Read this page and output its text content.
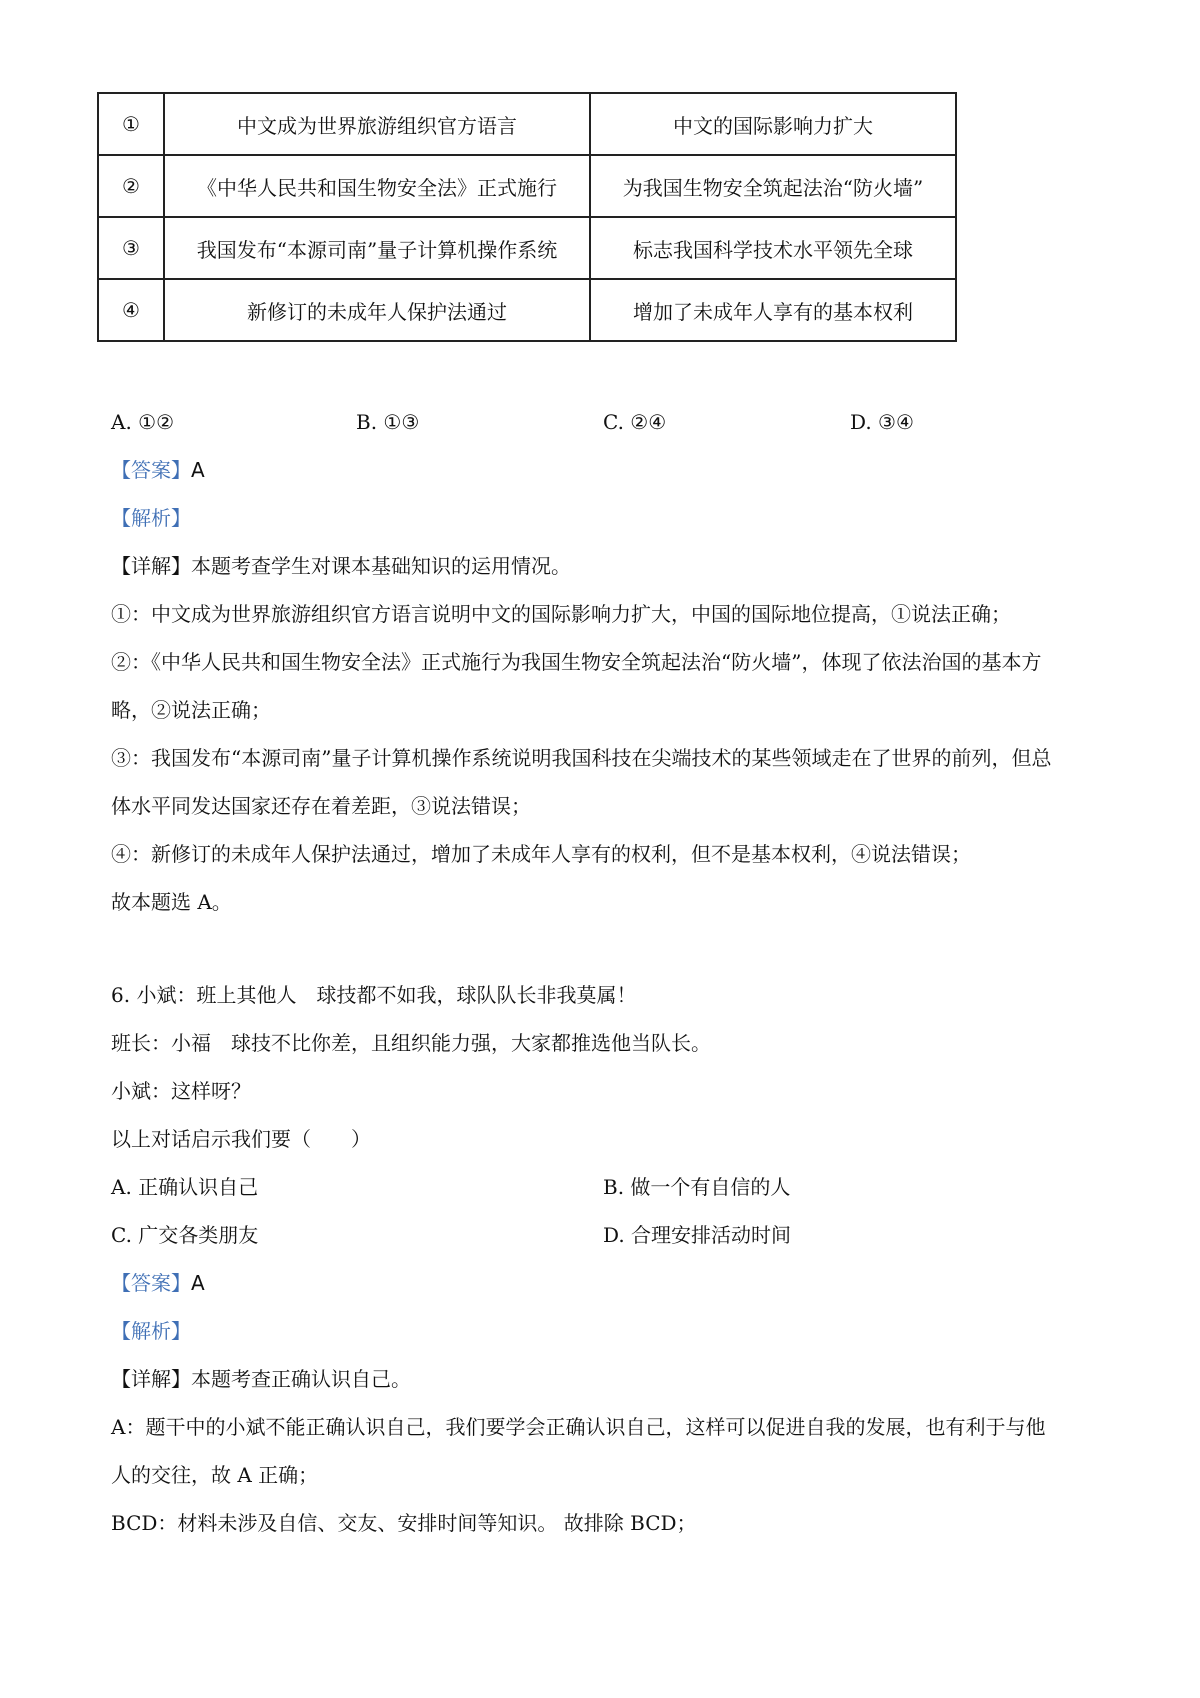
①	中文成为世界旅游组织官方语言	中文的国际影响力扩大
②	《中华人民共和国生物安全法》正式施行	为我国生物安全筑起法治“防火墙”
③	我国发布“本源司南”量子计算机操作系统	标志我国科学技术水平领先全球
④	新修订的未成年人保护法通过	增加了未成年人享有的基本权利
A. ①②	B. ①③	C. ②④	D. ③④
【答案】A
【解析】
【详解】本题考查学生对课本基础知识的运用情况。
①：中文成为世界旅游组织官方语言说明中文的国际影响力扩大，中国的国际地位提高，①说法正确；
②：《中华人民共和国生物安全法》正式施行为我国生物安全筑起法治“防火墙”，体现了依法治国的基本方
略，②说法正确；
③：我国发布“本源司南”量子计算机操作系统说明我国科技在尖端技术的某些领域走在了世界的前列，但总
体水平同发达国家还存在着差距，③说法错误；
④：新修订的未成年人保护法通过，增加了未成年人享有的权利，但不是基本权利，④说法错误；
故本题选 A。
6. 小斌：班上其他人　球技都不如我，球队队长非我莫属！
班长：小福　球技不比你差，且组织能力强，大家都推选他当队长。
小斌：这样呀？
以上对话启示我们要（　　）
A. 正确认识自己	B. 做一个有自信的人
C. 广交各类朋友	D. 合理安排活动时间
【答案】A
【解析】
【详解】本题考查正确认识自己。
A：题干中的小斌不能正确认识自己，我们要学会正确认识自己，这样可以促进自我的发展，也有利于与他
人的交往，故 A 正确；
BCD：材料未涉及自信、交友、安排时间等知识。 故排除 BCD；
